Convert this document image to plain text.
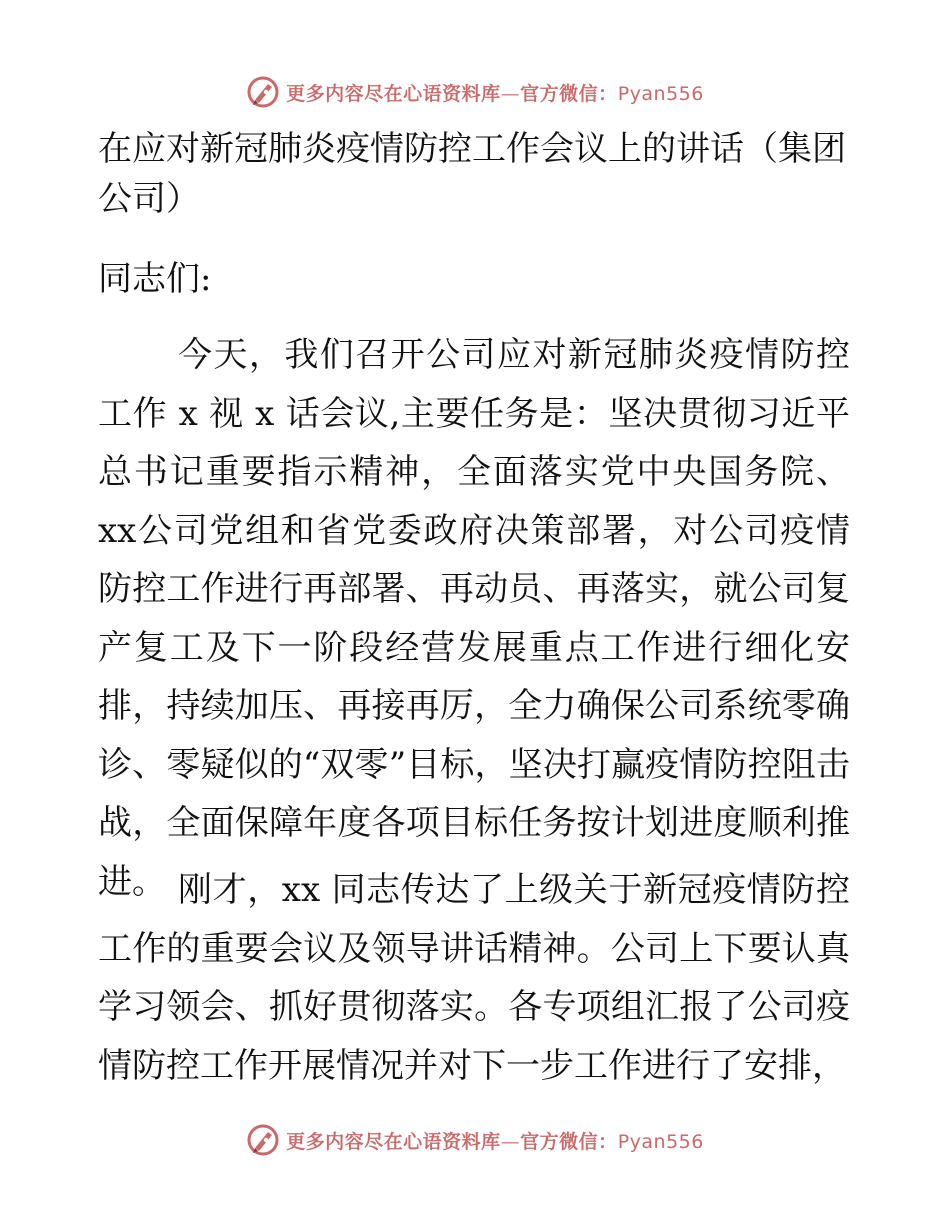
更多内容尽在心语资料库—官方微信：Pyan556
在应对新冠肺炎疫情防控工作会议上的讲话（集团公司）

同志们:

今天，我们召开公司应对新冠肺炎疫情防控工作 x 视 x 话会议,主要任务是：坚决贯彻习近平总书记重要指示精神，全面落实党中央国务院、xx公司党组和省党委政府决策部署，对公司疫情防控工作进行再部署、再动员、再落实，就公司复产复工及下一阶段经营发展重点工作进行细化安排，持续加压、再接再厉，全力确保公司系统零确诊、零疑似的“双零”目标，坚决打赢疫情防控阻击战，全面保障年度各项目标任务按计划进度顺利推进。 刚才，xx 同志传达了上级关于新冠疫情防控工作的重要会议及领导讲话精神。公司上下要认真学习领会、抓好贯彻落实。各专项组汇报了公司疫情防控工作开展情况并对下一步工作进行了安排，

更多内容尽在心语资料库—官方微信：Pyan556
